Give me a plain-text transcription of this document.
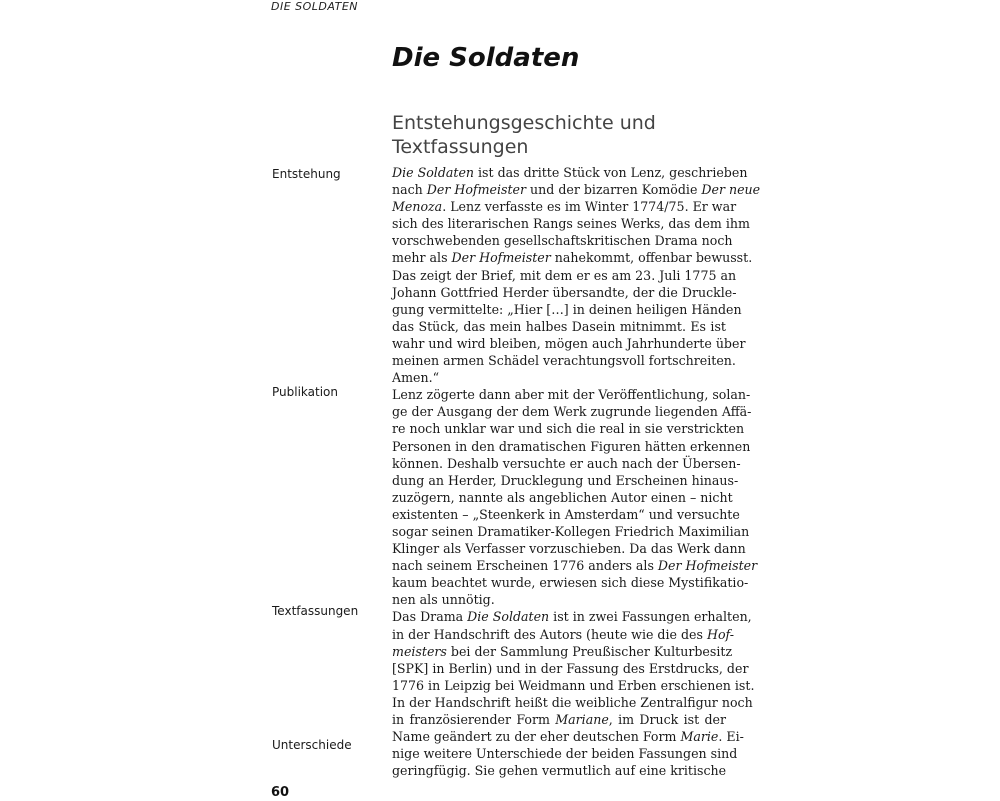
DIE SOLDATEN
Die Soldaten
Entstehungsgeschichte und Textfassungen
Entstehung
Publikation
Textfassungen
Unterschiede
Die Soldaten ist das dritte Stück von Lenz, geschrieben
nach Der Hofmeister und der bizarren Komödie Der neue
Menoza. Lenz verfasste es im Winter 1774/75. Er war
sich des literarischen Rangs seines Werks, das dem ihm
vorschwebenden gesellschaftskritischen Drama noch
mehr als Der Hofmeister nahekommt, offenbar bewusst.
Das zeigt der Brief, mit dem er es am 23. Juli 1775 an
Johann Gottfried Herder übersandte, der die Druckle-
gung vermittelte: „Hier […] in deinen heiligen Händen
das Stück, das mein halbes Dasein mitnimmt. Es ist
wahr und wird bleiben, mögen auch Jahrhunderte über
meinen armen Schädel verachtungsvoll fortschreiten.
Amen.“
Lenz zögerte dann aber mit der Veröffentlichung, solan-
ge der Ausgang der dem Werk zugrunde liegenden Affä-
re noch unklar war und sich die real in sie verstrickten
Personen in den dramatischen Figuren hätten erkennen
können. Deshalb versuchte er auch nach der Übersen-
dung an Herder, Drucklegung und Erscheinen hinaus-
zuzögern, nannte als angeblichen Autor einen – nicht
existenten – „Steenkerk in Amsterdam“ und versuchte
sogar seinen Dramatiker-Kollegen Friedrich Maximilian
Klinger als Verfasser vorzuschieben. Da das Werk dann
nach seinem Erscheinen 1776 anders als Der Hofmeister
kaum beachtet wurde, erwiesen sich diese Mystifikatio-
nen als unnötig.
Das Drama Die Soldaten ist in zwei Fassungen erhalten,
in der Handschrift des Autors (heute wie die des Hof-
meisters bei der Sammlung Preußischer Kulturbesitz
[SPK] in Berlin) und in der Fassung des Erstdrucks, der
1776 in Leipzig bei Weidmann und Erben erschienen ist.
In der Handschrift heißt die weibliche Zentralfigur noch
in französierender Form Mariane, im Druck ist der
Name geändert zu der eher deutschen Form Marie. Ei-
nige weitere Unterschiede der beiden Fassungen sind
geringfügig. Sie gehen vermutlich auf eine kritische
60
